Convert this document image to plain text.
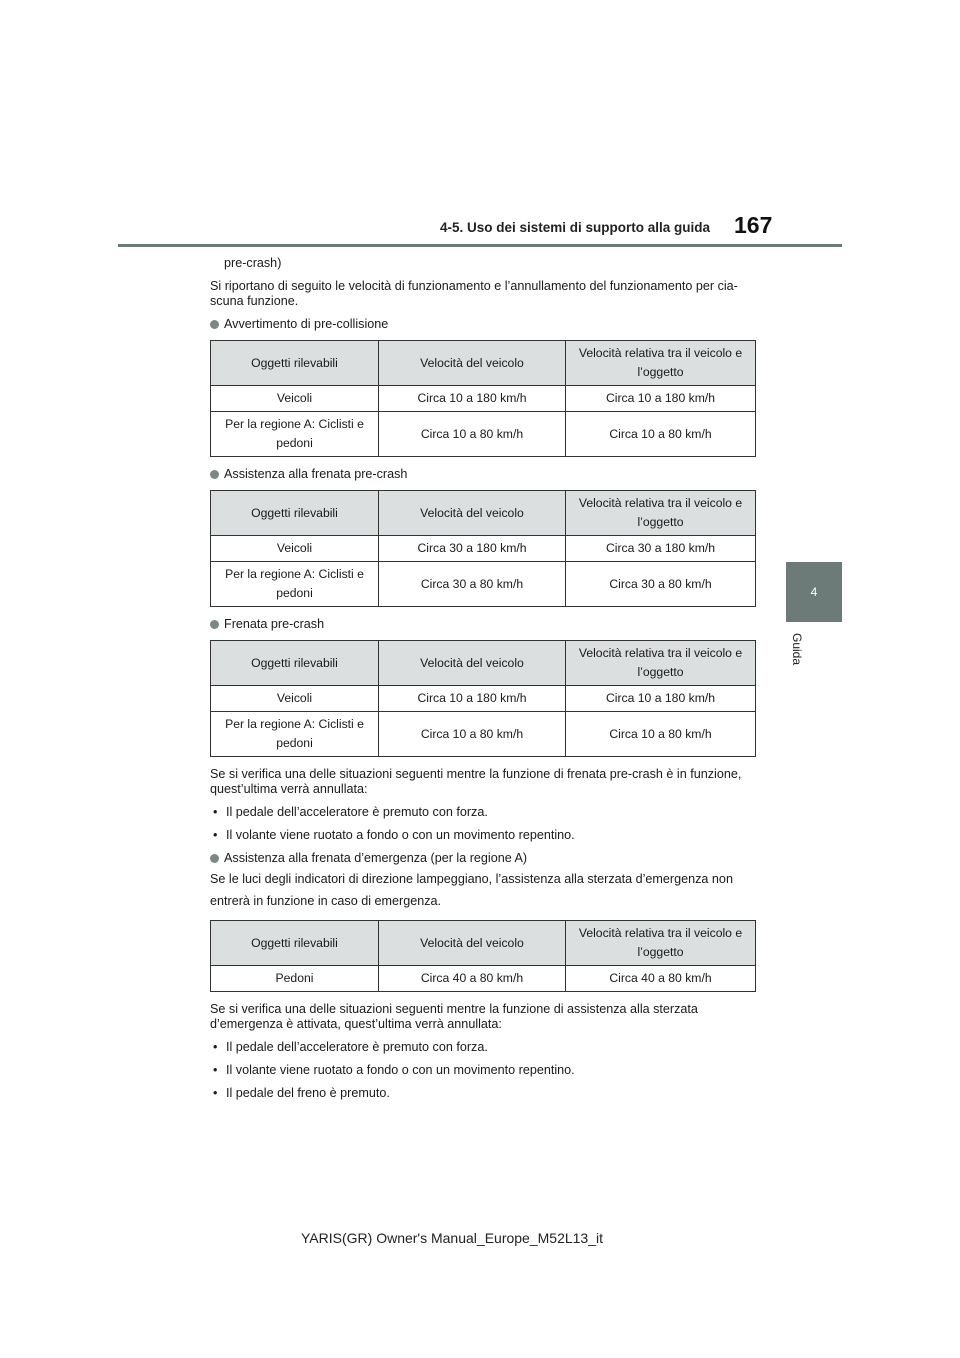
4-5. Uso dei sistemi di supporto alla guida 167
4
Guida

pre-crash)

Si riportano di seguito le velocità di funzionamento e l’annullamento del funzionamento per cia-scuna funzione.

Avvertimento di pre-collisione
Oggetti rilevabili	Velocità del veicolo	Velocità relativa tra il veicolo e l’oggetto
Veicoli	Circa 10 a 180 km/h	Circa 10 a 180 km/h
Per la regione A: Ciclisti e pedoni	Circa 10 a 80 km/h	Circa 10 a 80 km/h
Assistenza alla frenata pre-crash
Oggetti rilevabili	Velocità del veicolo	Velocità relativa tra il veicolo e l’oggetto
Veicoli	Circa 30 a 180 km/h	Circa 30 a 180 km/h
Per la regione A: Ciclisti e pedoni	Circa 30 a 80 km/h	Circa 30 a 80 km/h
Frenata pre-crash
Oggetti rilevabili	Velocità del veicolo	Velocità relativa tra il veicolo e l’oggetto
Veicoli	Circa 10 a 180 km/h	Circa 10 a 180 km/h
Per la regione A: Ciclisti e pedoni	Circa 10 a 80 km/h	Circa 10 a 80 km/h

Se si verifica una delle situazioni seguenti mentre la funzione di frenata pre-crash è in funzione, quest’ultima verrà annullata:

• Il pedale dell’acceleratore è premuto con forza.
• Il volante viene ruotato a fondo o con un movimento repentino.
Assistenza alla frenata d’emergenza (per la regione A)

Se le luci degli indicatori di direzione lampeggiano, l’assistenza alla sterzata d’emergenza non entrerà in funzione in caso di emergenza.

Oggetti rilevabili	Velocità del veicolo	Velocità relativa tra il veicolo e l’oggetto
Pedoni	Circa 40 a 80 km/h	Circa 40 a 80 km/h

Se si verifica una delle situazioni seguenti mentre la funzione di assistenza alla sterzata d’emergenza è attivata, quest’ultima verrà annullata:

• Il pedale dell’acceleratore è premuto con forza.
• Il volante viene ruotato a fondo o con un movimento repentino.
• Il pedale del freno è premuto.
YARIS(GR) Owner's Manual_Europe_M52L13_it
